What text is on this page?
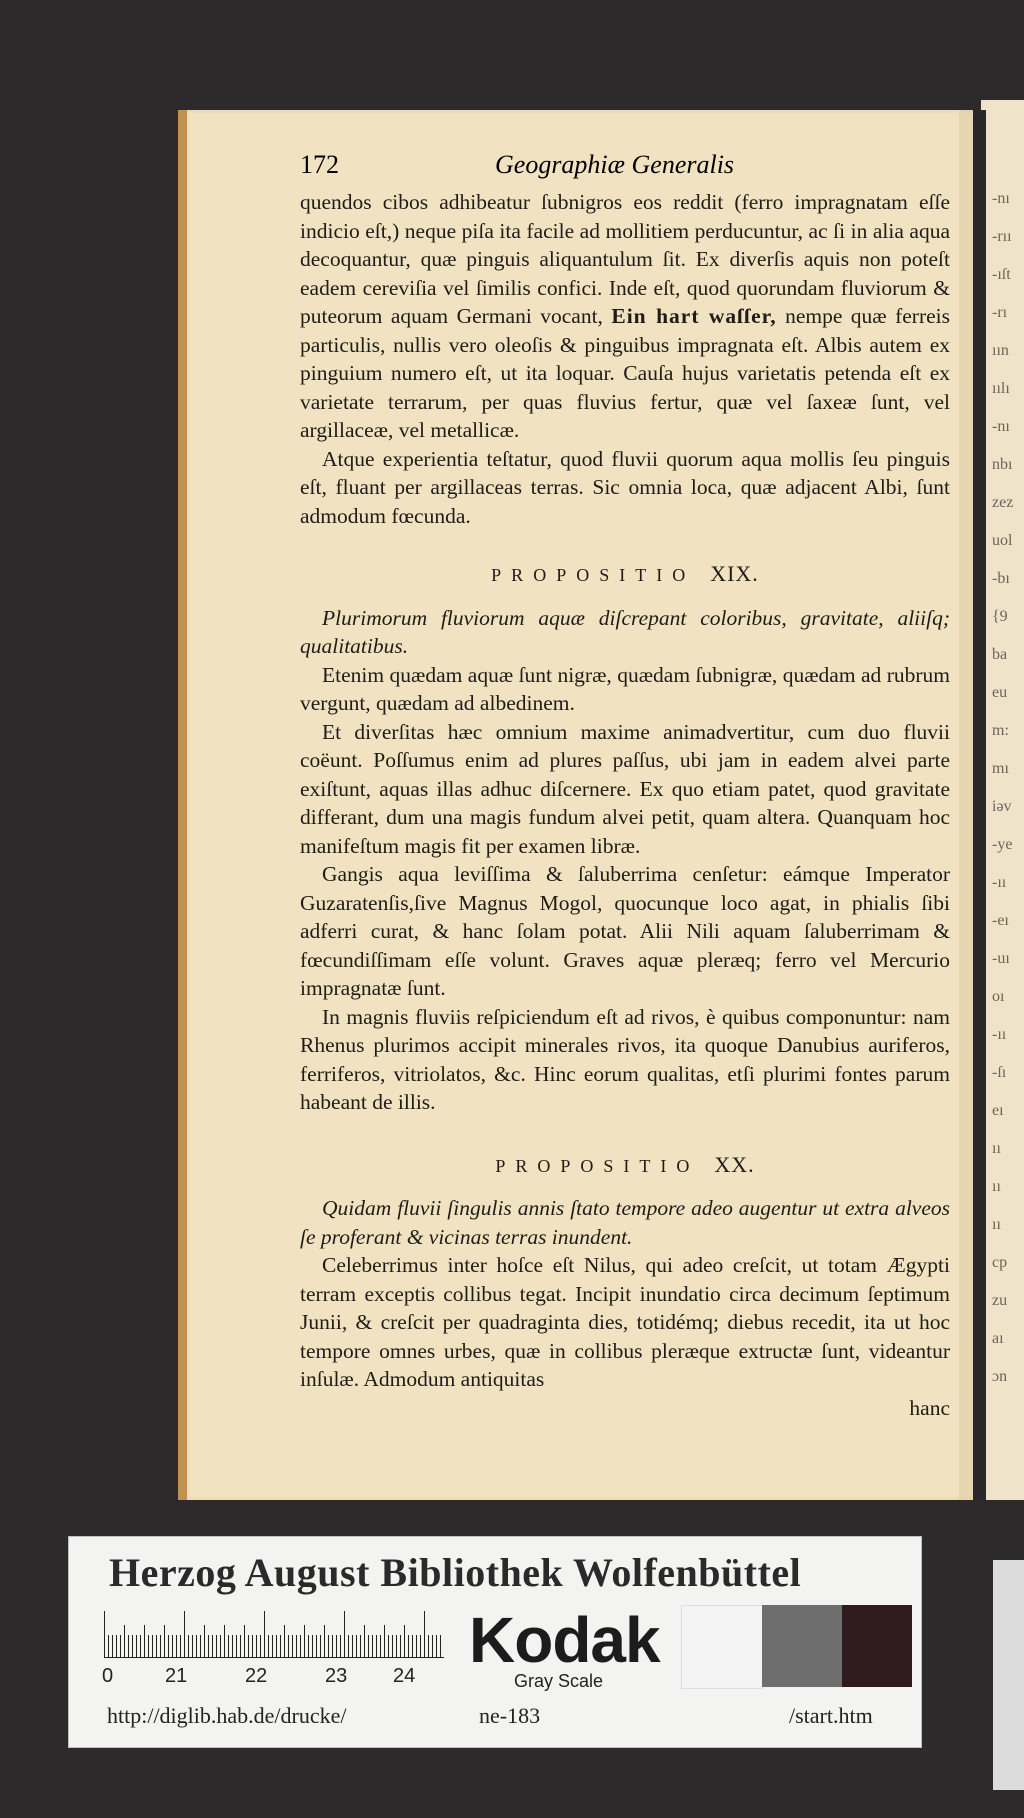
-nı
-rıı
-ıſt
-rı
ıın
ıılı
-nı
nbı
zez
uol
-bı
{9
ba
eu
m:
mı
iəv
-ye
-ıı
-eı
-uı
oı
-ıı
-ſı
eı
ıı
ıı
ıı
cp
zu
aı
ɔn
172	Geographiæ Generalis

quendos cibos adhibeatur ſubnigros eos reddit (ferro impragnatam eſſe indicio eſt,) neque piſa ita facile ad mollitiem perducuntur, ac ſi in alia aqua decoquantur, quæ pinguis aliquantulum ſit. Ex diverſis aquis non poteſt eadem cereviſia vel ſimilis confici. Inde eſt, quod quorundam fluviorum & puteorum aquam Germani vocant, Ein hart waſſer, nempe quæ ferreis particulis, nullis vero oleoſis & pinguibus impragnata eſt. Albis autem ex pinguium numero eſt, ut ita loquar. Cauſa hujus varietatis petenda eſt ex varietate terrarum, per quas fluvius fertur, quæ vel ſaxeæ ſunt, vel argillaceæ, vel metallicæ.

Atque experientia teſtatur, quod fluvii quorum aqua mollis ſeu pinguis eſt, fluant per argillaceas terras. Sic omnia loca, quæ adjacent Albi, ſunt admodum fœcunda.

PROPOSITIO XIX.

Plurimorum fluviorum aquæ diſcrepant coloribus, gravitate, aliiſq; qualitatibus.

Etenim quædam aquæ ſunt nigræ, quædam ſubnigræ, quædam ad rubrum vergunt, quædam ad albedinem.

Et diverſitas hæc omnium maxime animadvertitur, cum duo fluvii coëunt. Poſſumus enim ad plures paſſus, ubi jam in eadem alvei parte exiſtunt, aquas illas adhuc diſcernere. Ex quo etiam patet, quod gravitate differant, dum una magis fundum alvei petit, quam altera. Quanquam hoc manifeſtum magis fit per examen libræ.

Gangis aqua leviſſima & ſaluberrima cenſetur: eámque Imperator Guzaratenſis,ſive Magnus Mogol, quocunque loco agat, in phialis ſibi adferri curat, & hanc ſolam potat. Alii Nili aquam ſaluberrimam & fœcundiſſimam eſſe volunt. Graves aquæ pleræq; ferro vel Mercurio impragnatæ ſunt.

In magnis fluviis reſpiciendum eſt ad rivos, è quibus componuntur: nam Rhenus plurimos accipit minerales rivos, ita quoque Danubius auriferos, ferriferos, vitriolatos, &c. Hinc eorum qualitas, etſi plurimi fontes parum habeant de illis.

PROPOSITIO XX.

Quidam fluvii ſingulis annis ſtato tempore adeo augentur ut extra alveos ſe proferant & vicinas terras inundent.

Celeberrimus inter hoſce eſt Nilus, qui adeo creſcit, ut totam Ægypti terram exceptis collibus tegat. Incipit inundatio circa decimum ſeptimum Junii, & creſcit per quadraginta dies, totidémq; diebus recedit, ita ut hoc tempore omnes urbes, quæ in collibus pleræque extructæ ſunt, videantur inſulæ. Admodum antiquitas

hanc

Herzog August Bibliothek Wolfenbüttel
0	21	22	23 24 Kodak
Gray Scale
http://diglib.hab.de/drucke/	ne-183	/start.htm
